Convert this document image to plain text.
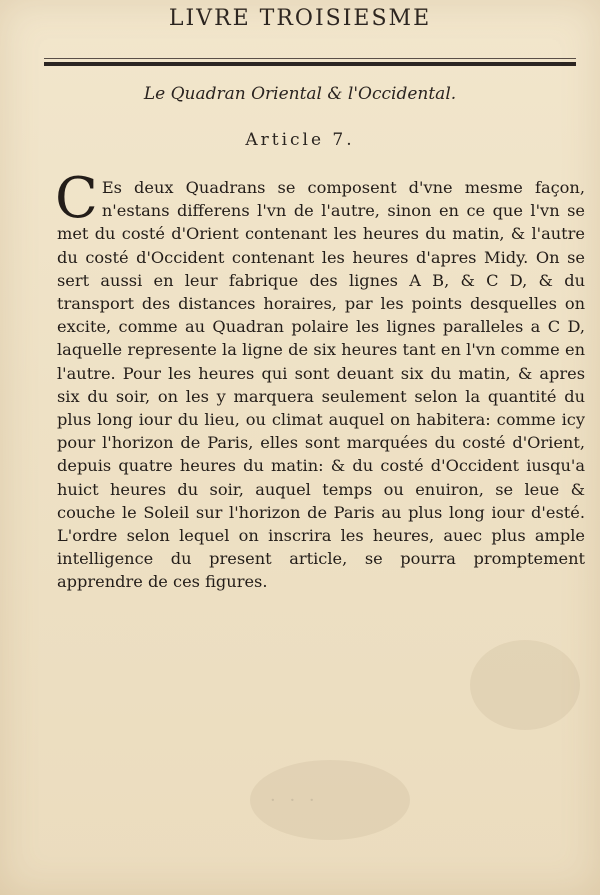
· · ·
LIVRE TROISIESME
Le Quadran Oriental & l'Occidental.
Article 7.
C Es deux Quadrans se composent d'vne mesme façon, n'estans differens l'vn de l'autre, sinon en ce que l'vn se met du costé d'Orient contenant les heures du matin, & l'autre du costé d'Occident contenant les heures d'apres Midy. On se sert aussi en leur fabrique des lignes A B, & C D, & du transport des distances horaires, par les points desquelles on excite, comme au Quadran polaire les lignes paralleles a C D, laquelle represente la ligne de six heures tant en l'vn comme en l'autre. Pour les heures qui sont deuant six du matin, & apres six du soir, on les y marquera seulement selon la quantité du plus long iour du lieu, ou climat auquel on habitera: comme icy pour l'horizon de Paris, elles sont marquées du costé d'Orient, depuis quatre heures du matin: & du costé d'Occident iusqu'a huict heures du soir, auquel temps ou enuiron, se leue & couche le Soleil sur l'horizon de Paris au plus long iour d'esté. L'ordre selon lequel on inscrira les heures, auec plus ample intelligence du present article, se pourra promptement apprendre de ces figures.
